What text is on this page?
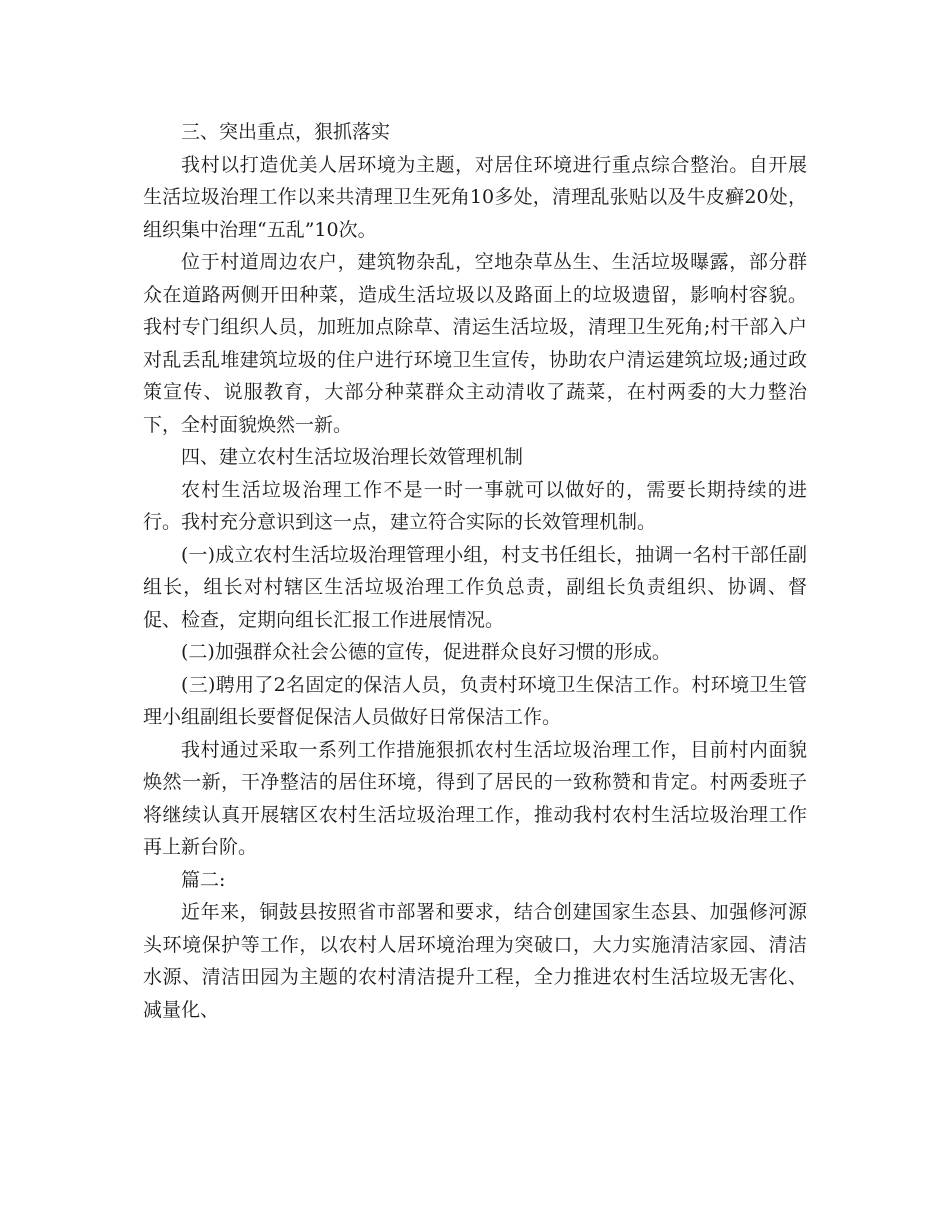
三、突出重点，狠抓落实

我村以打造优美人居环境为主题，对居住环境进行重点综合整治。自开展生活垃圾治理工作以来共清理卫生死角10多处，清理乱张贴以及牛皮癣20处，组织集中治理“五乱”10次。

位于村道周边农户，建筑物杂乱，空地杂草丛生、生活垃圾曝露，部分群众在道路两侧开田种菜，造成生活垃圾以及路面上的垃圾遗留，影响村容貌。我村专门组织人员，加班加点除草、清运生活垃圾，清理卫生死角;村干部入户对乱丢乱堆建筑垃圾的住户进行环境卫生宣传，协助农户清运建筑垃圾;通过政策宣传、说服教育，大部分种菜群众主动清收了蔬菜，在村两委的大力整治下，全村面貌焕然一新。

四、建立农村生活垃圾治理长效管理机制

农村生活垃圾治理工作不是一时一事就可以做好的，需要长期持续的进行。我村充分意识到这一点，建立符合实际的长效管理机制。

(一)成立农村生活垃圾治理管理小组，村支书任组长，抽调一名村干部任副组长，组长对村辖区生活垃圾治理工作负总责，副组长负责组织、协调、督促、检查，定期向组长汇报工作进展情况。

(二)加强群众社会公德的宣传，促进群众良好习惯的形成。

(三)聘用了2名固定的保洁人员，负责村环境卫生保洁工作。村环境卫生管理小组副组长要督促保洁人员做好日常保洁工作。

我村通过采取一系列工作措施狠抓农村生活垃圾治理工作，目前村内面貌焕然一新，干净整洁的居住环境，得到了居民的一致称赞和肯定。村两委班子将继续认真开展辖区农村生活垃圾治理工作，推动我村农村生活垃圾治理工作再上新台阶。

篇二:

近年来，铜鼓县按照省市部署和要求，结合创建国家生态县、加强修河源头环境保护等工作，以农村人居环境治理为突破口，大力实施清洁家园、清洁水源、清洁田园为主题的农村清洁提升工程，全力推进农村生活垃圾无害化、减量化、
